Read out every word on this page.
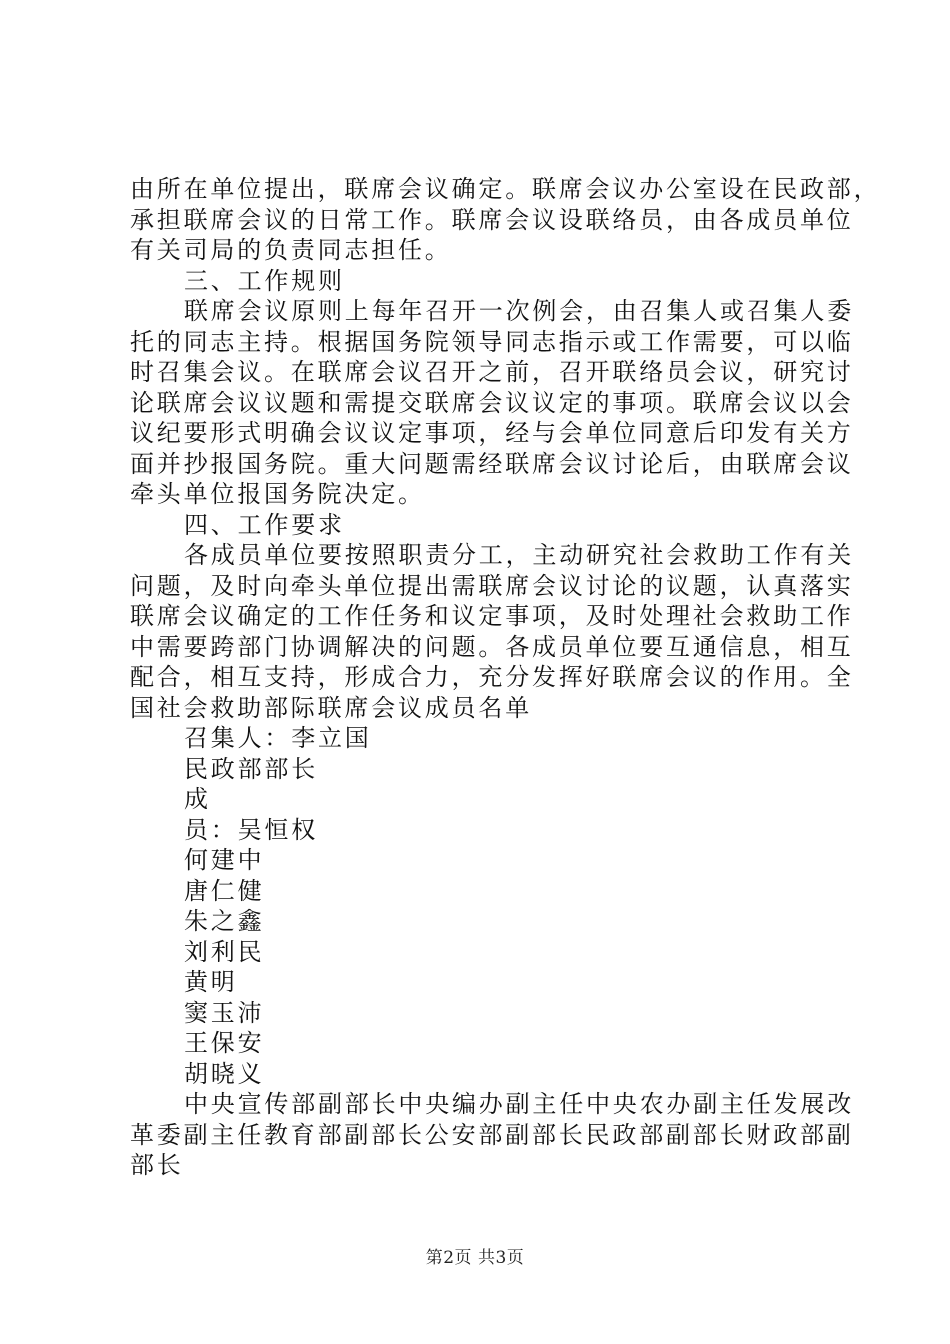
由所在单位提出，联席会议确定。联席会议办公室设在民政部，
承担联席会议的日常工作。联席会议设联络员，由各成员单位
有关司局的负责同志担任。

三、工作规则

联席会议原则上每年召开一次例会，由召集人或召集人委
托的同志主持。根据国务院领导同志指示或工作需要，可以临
时召集会议。在联席会议召开之前，召开联络员会议，研究讨
论联席会议议题和需提交联席会议议定的事项。联席会议以会
议纪要形式明确会议议定事项，经与会单位同意后印发有关方
面并抄报国务院。重大问题需经联席会议讨论后，由联席会议
牵头单位报国务院决定。

四、工作要求

各成员单位要按照职责分工，主动研究社会救助工作有关
问题，及时向牵头单位提出需联席会议讨论的议题，认真落实
联席会议确定的工作任务和议定事项，及时处理社会救助工作
中需要跨部门协调解决的问题。各成员单位要互通信息，相互
配合，相互支持，形成合力，充分发挥好联席会议的作用。全
国社会救助部际联席会议成员名单

召集人：李立国

民政部部长

成

员：吴恒权

何建中

唐仁健

朱之鑫

刘利民

黄明

窦玉沛

王保安

胡晓义

中央宣传部副部长中央编办副主任中央农办副主任发展改
革委副主任教育部副部长公安部副部长民政部副部长财政部副
部长

第2页 共3页
